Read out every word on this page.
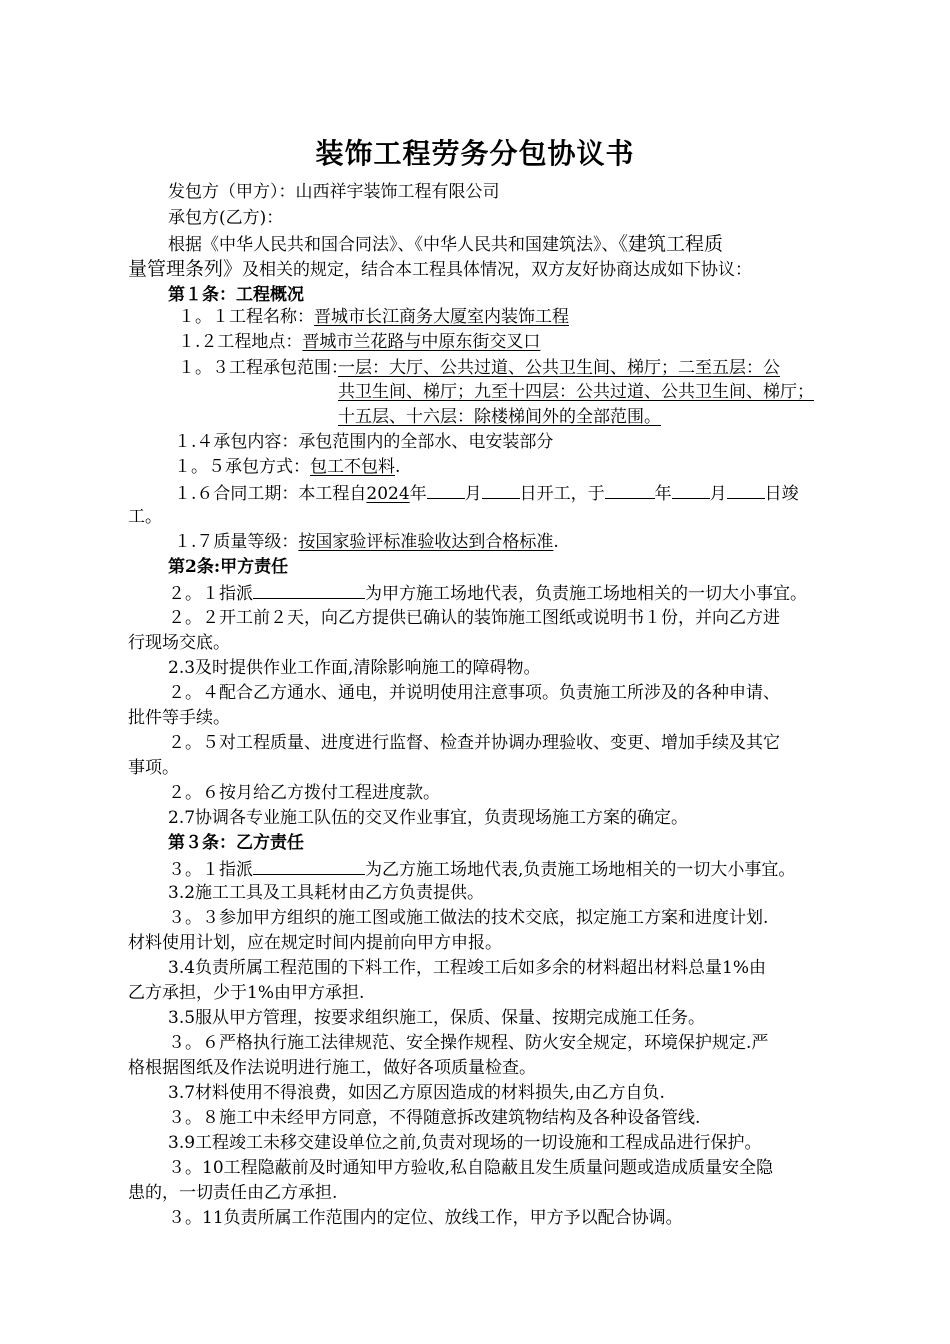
装饰工程劳务分包协议书
发包方（甲方）：山西祥宇装饰工程有限公司
承包方(乙方)：
根据《中华人民共和国合同法》、《中华人民共和国建筑法》、《建筑工程质
量管理条列》及相关的规定，结合本工程具体情况，双方友好协商达成如下协议：
第１条：工程概况
１。１工程名称：晋城市长江商务大厦室内装饰工程
１.２工程地点：晋城市兰花路与中原东街交叉口
１。３工程承包范围：
一层：大厅、公共过道、公共卫生间、梯厅；二至五层：公
共卫生间、梯厅；九至十四层：公共过道、公共卫生间、梯厅；
十五层、十六层：除楼梯间外的全部范围。
１.４承包内容：承包范围内的全部水、电安装部分
１。５承包方式：包工不包料.
１.６合同工期：本工程自2024年 月 日开工，于	年 月 日竣
工。
１.７质量等级：按国家验评标准验收达到合格标准.
第2条:甲方责任
２。１指派	为甲方施工场地代表，负责施工场地相关的一切大小事宜。
２。２开工前２天，向乙方提供已确认的装饰施工图纸或说明书１份，并向乙方进
行现场交底。
2.3及时提供作业工作面,清除影响施工的障碍物。
２。４配合乙方通水、通电，并说明使用注意事项。负责施工所涉及的各种申请、
批件等手续。
２。５对工程质量、进度进行监督、检查并协调办理验收、变更、增加手续及其它
事项。
２。６按月给乙方拨付工程进度款。
2.7协调各专业施工队伍的交叉作业事宜，负责现场施工方案的确定。
第３条：乙方责任
３。１指派	为乙方施工场地代表,负责施工场地相关的一切大小事宜。
3.2施工工具及工具耗材由乙方负责提供。
３。３参加甲方组织的施工图或施工做法的技术交底，拟定施工方案和进度计划.
材料使用计划，应在规定时间内提前向甲方申报。
3.4负责所属工程范围的下料工作，工程竣工后如多余的材料超出材料总量1%由
乙方承担，少于1%由甲方承担.
3.5服从甲方管理，按要求组织施工，保质、保量、按期完成施工任务。
３。６严格执行施工法律规范、安全操作规程、防火安全规定，环境保护规定.严
格根据图纸及作法说明进行施工，做好各项质量检查。
3.7材料使用不得浪费，如因乙方原因造成的材料损失,由乙方自负.
３。８施工中未经甲方同意，不得随意拆改建筑物结构及各种设备管线.
3.9工程竣工未移交建设单位之前,负责对现场的一切设施和工程成品进行保护。
３。10工程隐蔽前及时通知甲方验收,私自隐蔽且发生质量问题或造成质量安全隐
患的，一切责任由乙方承担.
３。11负责所属工作范围内的定位、放线工作，甲方予以配合协调。
